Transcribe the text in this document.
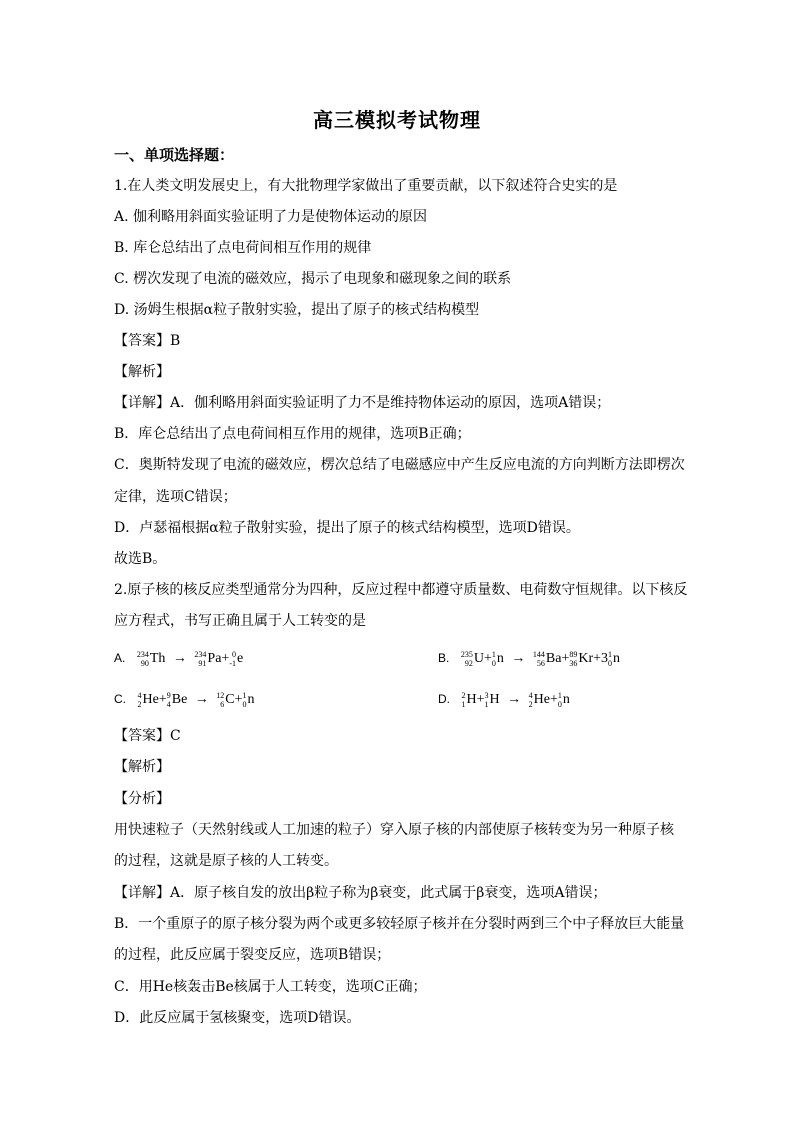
高三模拟考试物理
一、单项选择题：
1.在人类文明发展史上，有大批物理学家做出了重要贡献，以下叙述符合史实的是
A. 伽利略用斜面实验证明了力是使物体运动的原因
B. 库仑总结出了点电荷间相互作用的规律
C. 楞次发现了电流的磁效应，揭示了电现象和磁现象之间的联系
D. 汤姆生根据α粒子散射实验，提出了原子的核式结构模型
【答案】B
【解析】
【详解】A．伽利略用斜面实验证明了力不是维持物体运动的原因，选项A错误；
B．库仑总结出了点电荷间相互作用的规律，选项B正确；
C．奥斯特发现了电流的磁效应，楞次总结了电磁感应中产生反应电流的方向判断方法即楞次
定律，选项C错误；
D．卢瑟福根据α粒子散射实验，提出了原子的核式结构模型，选项D错误。
故选B。
2.原子核的核反应类型通常分为四种，反应过程中都遵守质量数、电荷数守恒规律。以下核反
应方程式，书写正确且属于人工转变的是
A. 234
90 Th → 234
91 Pa+ 0
-1 e	B. 235
92 U+ 1
0 n → 144
56 Ba+ 89
36 Kr+3 1
0 n
C. 4
2 He+ 9
4 Be → 12
6 C+ 1
0 n	D. 2
1 H+ 3
1 H → 4
2 He+ 1
0 n
【答案】C
【解析】
【分析】
用快速粒子（天然射线或人工加速的粒子）穿入原子核的内部使原子核转变为另一种原子核
的过程，这就是原子核的人工转变。
【详解】A．原子核自发的放出β粒子称为β衰变，此式属于β衰变，选项A错误；
B．一个重原子的原子核分裂为两个或更多较轻原子核并在分裂时两到三个中子释放巨大能量
的过程，此反应属于裂变反应，选项B错误；
C．用He核轰击Be核属于人工转变，选项C正确；
D．此反应属于氢核聚变，选项D错误。
